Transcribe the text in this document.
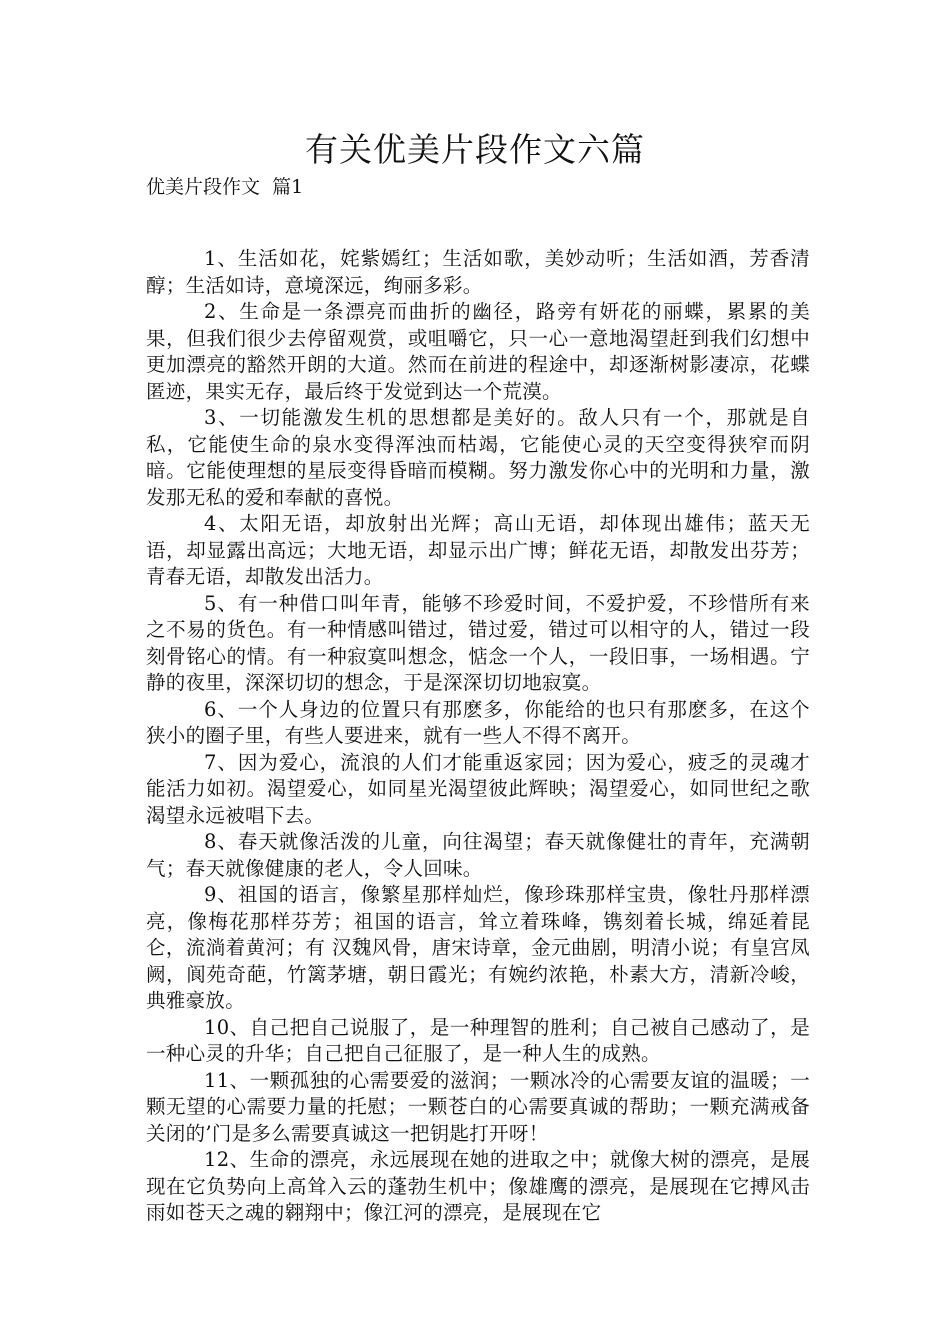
有关优美片段作文六篇
优美片段作文  篇1

1、生活如花，姹紫嫣红；生活如歌，美妙动听；生活如酒，芳香清醇；生活如诗，意境深远，绚丽多彩。

2、生命是一条漂亮而曲折的幽径，路旁有妍花的丽蝶，累累的美果，但我们很少去停留观赏，或咀嚼它，只一心一意地渴望赶到我们幻想中更加漂亮的豁然开朗的大道。然而在前进的程途中，却逐渐树影凄凉，花蝶匿迹，果实无存，最后终于发觉到达一个荒漠。

3、一切能激发生机的思想都是美好的。敌人只有一个，那就是自私，它能使生命的泉水变得浑浊而枯竭，它能使心灵的天空变得狭窄而阴暗。它能使理想的星辰变得昏暗而模糊。努力激发你心中的光明和力量，激发那无私的爱和奉献的喜悦。

4、太阳无语，却放射出光辉；高山无语，却体现出雄伟；蓝天无语，却显露出高远；大地无语，却显示出广博；鲜花无语，却散发出芬芳；青春无语，却散发出活力。

5、有一种借口叫年青，能够不珍爱时间，不爱护爱，不珍惜所有来之不易的货色。有一种情感叫错过，错过爱，错过可以相守的人，错过一段刻骨铭心的情。有一种寂寞叫想念，惦念一个人，一段旧事，一场相遇。宁静的夜里，深深切切的想念，于是深深切切地寂寞。

6、一个人身边的位置只有那麽多，你能给的也只有那麽多，在这个狭小的圈子里，有些人要进来，就有一些人不得不离开。

7、因为爱心，流浪的人们才能重返家园；因为爱心，疲乏的灵魂才能活力如初。渴望爱心，如同星光渴望彼此辉映；渴望爱心，如同世纪之歌渴望永远被唱下去。

8、春天就像活泼的儿童，向往渴望；春天就像健壮的青年，充满朝气；春天就像健康的老人，令人回味。

9、祖国的语言，像繁星那样灿烂，像珍珠那样宝贵，像牡丹那样漂亮，像梅花那样芬芳；祖国的语言，耸立着珠峰，镌刻着长城，绵延着昆仑，流淌着黄河；有 汉魏风骨，唐宋诗章，金元曲剧，明清小说；有皇宫凤阙，阆苑奇葩，竹篱茅塘，朝日霞光；有婉约浓艳，朴素大方，清新冷峻，典雅豪放。

10、自己把自己说服了，是一种理智的胜利；自己被自己感动了，是一种心灵的升华；自己把自己征服了，是一种人生的成熟。

11、一颗孤独的心需要爱的滋润；一颗冰冷的心需要友谊的温暖；一颗无望的心需要力量的托慰；一颗苍白的心需要真诚的帮助；一颗充满戒备关闭的’门是多么需要真诚这一把钥匙打开呀！

12、生命的漂亮，永远展现在她的进取之中；就像大树的漂亮，是展现在它负势向上高耸入云的蓬勃生机中；像雄鹰的漂亮，是展现在它搏风击雨如苍天之魂的翱翔中；像江河的漂亮，是展现在它
